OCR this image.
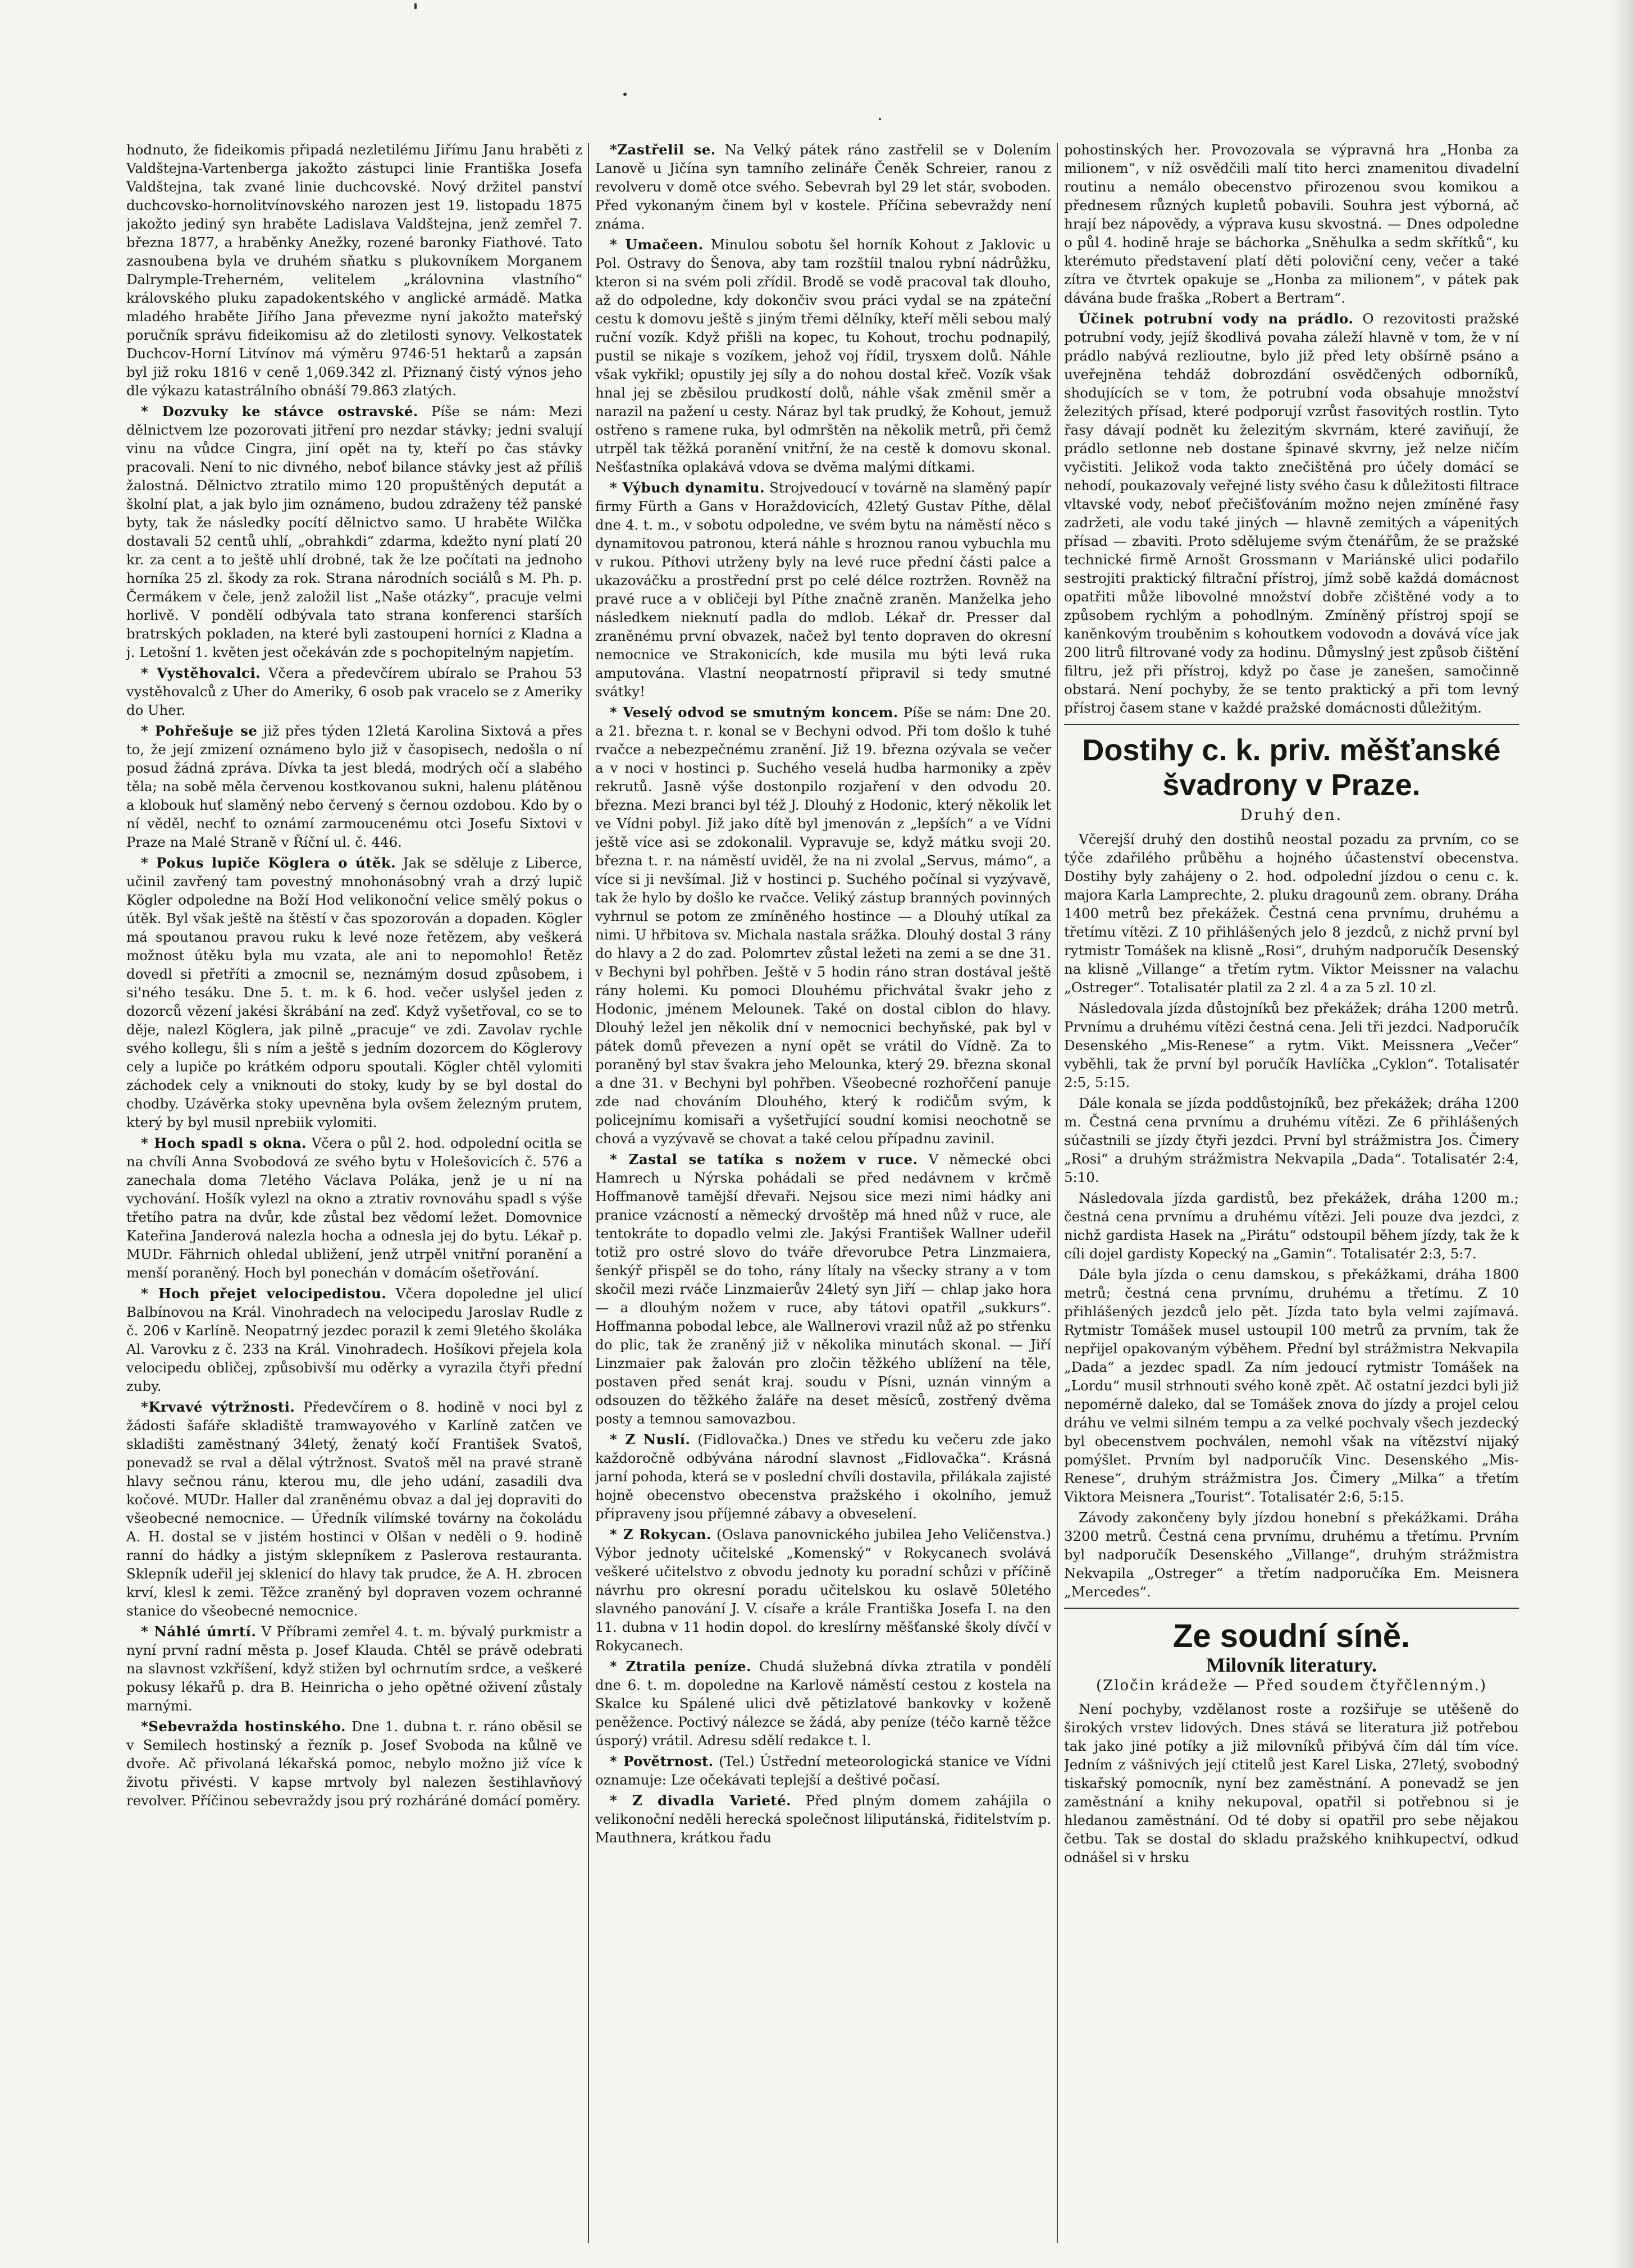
hodnuto, že fideikomis připadá nezletilému Jiřímu Janu hraběti z Valdštejna-Vartenberga jakožto zástupci linie Františka Josefa Valdštejna, tak zvané linie duchcovské. Nový držitel panství duchcovsko-hornolitvínovského narozen jest 19. listopadu 1875 jakožto jediný syn hraběte Ladislava Valdštejna, jenž zemřel 7. března 1877, a hraběnky Anežky, rozené baronky Fiathové. Tato zasnoubena byla ve druhém sňatku s plukovníkem Morganem Dalrymple-Treherném, velitelem „královnina vlastního“ královského pluku zapadokentského v anglické armádě. Matka mladého hraběte Jiřího Jana převezme nyní jakožto mateřský poručník správu fideikomisu až do zletilosti synovy. Velkostatek Duchcov-Horní Litvínov má výměru 9746·51 hektarů a zapsán byl již roku 1816 v ceně 1,069.342 zl. Přiznaný čistý výnos jeho dle výkazu katastrálního obnáší 79.863 zlatých.

* Dozvuky ke stávce ostravské. Píše se nám: Mezi dělnictvem lze pozorovati jitření pro nezdar stávky; jedni svalují vinu na vůdce Cingra, jiní opět na ty, kteří po čas stávky pracovali. Není to nic divného, neboť bilance stávky jest až příliš žalostná. Dělnictvo ztratilo mimo 120 propuštěných deputát a školní plat, a jak bylo jim oznámeno, budou zdraženy též panské byty, tak že následky pocítí dělnictvo samo. U hraběte Wilčka dostavali 52 centů uhlí, „obrahkdi“ zdarma, kdežto nyní platí 20 kr. za cent a to ještě uhlí drobné, tak že lze počítati na jednoho horníka 25 zl. škody za rok. Strana národních sociálů s M. Ph. p. Čermákem v čele, jenž založil list „Naše otázky“, pracuje velmi horlivě. V pondělí odbývala tato strana konferenci starších bratrských pokladen, na které byli zastoupeni horníci z Kladna a j. Letošní 1. květen jest očekáván zde s pochopitelným napjetím.

* Vystěhovalci. Včera a předevčírem ubíralo se Prahou 53 vystěhovalců z Uher do Ameriky, 6 osob pak vracelo se z Ameriky do Uher.

* Pohřešuje se již přes týden 12letá Karolina Sixtová a přes to, že její zmizení oznámeno bylo již v časopisech, nedošla o ní posud žádná zpráva. Dívka ta jest bledá, modrých očí a slabého těla; na sobě měla červenou kostkovanou sukni, halenu plátěnou a klobouk huť slaměný nebo červený s černou ozdobou. Kdo by o ní věděl, nechť to oznámí zarmoucenému otci Josefu Sixtovi v Praze na Malé Straně v Říční ul. č. 446.

* Pokus lupiče Köglera o útěk. Jak se sděluje z Liberce, učinil zavřený tam povestný mnohonásobný vrah a drzý lupič Kögler odpoledne na Boží Hod velikonoční velice smělý pokus o útěk. Byl však ještě na štěstí v čas spozorován a dopaden. Kögler má spoutanou pravou ruku k levé noze řetězem, aby veškerá možnost útěku byla mu vzata, ale ani to nepomohlo! Řetěz dovedl si přetříti a zmocnil se, neznámým dosud způsobem, i si'ného tesáku. Dne 5. t. m. k 6. hod. večer uslyšel jeden z dozorců vězení jakési škrábání na zeď. Když vyšetřoval, co se to děje, nalezl Köglera, jak pilně „pracuje“ ve zdi. Zavolav rychle svého kollegu, šli s ním a ještě s jedním dozorcem do Köglerovy cely a lupiče po krátkém odporu spoutali. Kögler chtěl vylomiti záchodek cely a vniknouti do stoky, kudy by se byl dostal do chodby. Uzávěrka stoky upevněna byla ovšem železným prutem, který by byl musil nprebiik vylomiti.

* Hoch spadl s okna. Včera o půl 2. hod. odpolední ocitla se na chvíli Anna Svobodová ze svého bytu v Holešovicích č. 576 a zanechala doma 7letého Václava Poláka, jenž je u ní na vychování. Hošík vylezl na okno a ztrativ rovnováhu spadl s výše třetího patra na dvůr, kde zůstal bez vědomí ležet. Domovnice Kateřina Janderová nalezla hocha a odnesla jej do bytu. Lékař p. MUDr. Fährnich ohledal ubližení, jenž utrpěl vnitřní poranění a menší poraněný. Hoch byl ponechán v domácím ošetřování.

* Hoch přejet velocipedistou. Včera dopoledne jel ulicí Balbínovou na Král. Vinohradech na velocipedu Jaroslav Rudle z č. 206 v Karlíně. Neopatrný jezdec porazil k zemi 9letého školáka Al. Varovku z č. 233 na Král. Vinohradech. Hošíkovi přejela kola velocipedu obličej, způsobivší mu oděrky a vyrazila čtyři přední zuby.

*Krvavé výtržnosti. Předevčírem o 8. hodině v noci byl z žádosti šafáře skladiště tramwayového v Karlíně zatčen ve skladišti zaměstnaný 34letý, ženatý kočí František Svatoš, ponevadž se rval a dělal výtržnost. Svatoš měl na pravé straně hlavy sečnou ránu, kterou mu, dle jeho udání, zasadili dva kočové. MUDr. Haller dal zraněnému obvaz a dal jej dopraviti do všeobecné nemocnice. — Úředník vilímské továrny na čokoládu A. H. dostal se v jistém hostinci v Olšan v neděli o 9. hodině ranní do hádky a jistým sklepníkem z Paslerova restauranta. Sklepník udeřil jej sklenicí do hlavy tak prudce, že A. H. zbrocen krví, klesl k zemi. Těžce zraněný byl dopraven vozem ochranné stanice do všeobecné nemocnice.

* Náhlé úmrtí. V Příbrami zemřel 4. t. m. bývalý purkmistr a nyní první radní města p. Josef Klauda. Chtěl se právě odebrati na slavnost vzkříšení, když stižen byl ochrnutím srdce, a veškeré pokusy lékařů p. dra B. Heinricha o jeho opětné oživení zůstaly marnými.

*Sebevražda hostinského. Dne 1. dubna t. r. ráno oběsil se v Semilech hostinský a řezník p. Josef Svoboda na kůlně ve dvoře. Ač přivolaná lékařská pomoc, nebylo možno již více k životu přivésti. V kapse mrtvoly byl nalezen šestihlavňový revolver. Příčinou sebevraždy jsou prý rozháráné domácí poměry.

*Zastřelil se. Na Velký pátek ráno zastřelil se v Dolením Lanově u Jičína syn tamního zelináře Čeněk Schreier, ranou z revolveru v domě otce svého. Sebevrah byl 29 let stár, svoboden. Před vykonaným činem byl v kostele. Příčina sebevraždy není známa.

* Umačeen. Minulou sobotu šel horník Kohout z Jaklovic u Pol. Ostravy do Šenova, aby tam rozštíil tnalou rybní nádrůžku, kteron si na svém poli zřídil. Brodě se vodě pracoval tak dlouho, až do odpoledne, kdy dokončiv svou práci vydal se na zpáteční cestu k domovu ještě s jiným třemi dělníky, kteří měli sebou malý ruční vozík. Když přišli na kopec, tu Kohout, trochu podnapilý, pustil se nikaje s vozíkem, jehož voj řídil, trysxem dolů. Náhle však vykřikl; opustily jej síly a do nohou dostal křeč. Vozík však hnal jej se zběsilou prudkostí dolů, náhle však změnil směr a narazil na pažení u cesty. Náraz byl tak prudký, že Kohout, jemuž ostřeno s ramene ruka, byl odmrštěn na několik metrů, při čemž utrpěl tak těžká poranění vnitřní, že na cestě k domovu skonal. Nešťastníka oplakává vdova se dvěma malými dítkami.

* Výbuch dynamitu. Strojvedoucí v továrně na slaměný papír firmy Fürth a Gans v Horaždovicích, 42letý Gustav Píthe, dělal dne 4. t. m., v sobotu odpoledne, ve svém bytu na náměstí něco s dynamitovou patronou, která náhle s hroznou ranou vybuchla mu v rukou. Píthovi utrženy byly na levé ruce přední části palce a ukazováčku a prostřední prst po celé délce roztržen. Rovněž na pravé ruce a v obličeji byl Píthe značně zraněn. Manželka jeho následkem nieknutí padla do mdlob. Lékař dr. Presser dal zraněnému první obvazek, načež byl tento dopraven do okresní nemocnice ve Strakonicích, kde musila mu býti levá ruka amputována. Vlastní neopatrností připravil si tedy smutné svátky!

* Veselý odvod se smutným koncem. Píše se nám: Dne 20. a 21. března t. r. konal se v Bechyni odvod. Při tom došlo k tuhé rvačce a nebezpečnému zranění. Již 19. března ozývala se večer a v noci v hostinci p. Suchého veselá hudba harmoniky a zpěv rekrutů. Jasně výše dostonpilo rozjaření v den odvodu 20. března. Mezi branci byl též J. Dlouhý z Hodonic, který několik let ve Vídni pobyl. Již jako dítě byl jmenován z „lepších“ a ve Vídni ještě více asi se zdokonalil. Vypravuje se, když mátku svoji 20. března t. r. na náměstí uviděl, že na ni zvolal „Servus, mámo“, a více si ji nevšímal. Již v hostinci p. Suchého počínal si vyzývavě, tak že hylo by došlo ke rvačce. Veliký zástup branných povinných vyhrnul se potom ze zmíněného hostince — a Dlouhý utíkal za nimi. U hřbitova sv. Michala nastala srážka. Dlouhý dostal 3 rány do hlavy a 2 do zad. Polomrtev zůstal ležeti na zemi a se dne 31. v Bechyni byl pohřben. Ještě v 5 hodin ráno stran dostával ještě rány holemi. Ku pomoci Dlouhému přichvátal švakr jeho z Hodonic, jménem Melounek. Také on dostal ciblon do hlavy. Dlouhý ležel jen několik dní v nemocnici bechyňské, pak byl v pátek domů převezen a nyní opět se vrátil do Vídně. Za to poraněný byl stav švakra jeho Melounka, který 29. března skonal a dne 31. v Bechyni byl pohřben. Všeobecné rozhořčení panuje zde nad chováním Dlouhého, který k rodičům svým, k policejnímu komisaři a vyšetřující soudní komisi neochotně se chová a vyzývavě se chovat a také celou případnu zavinil.

* Zastal se tatíka s nožem v ruce. V německé obci Hamrech u Nýrska pohádali se před nedávnem v krčmě Hoffmanově tamější dřevaři. Nejsou sice mezi nimi hádky ani pranice vzácností a německý drvoštěp má hned nůž v ruce, ale tentokráte to dopadlo velmi zle. Jakýsi František Wallner udeřil totiž pro ostré slovo do tváře dřevorubce Petra Linzmaiera, šenkýř přispěl se do toho, rány lítaly na všecky strany a v tom skočil mezi rváče Linzmaierův 24letý syn Jiří — chlap jako hora — a dlouhým nožem v ruce, aby tátovi opatřil „sukkurs“. Hoffmanna pobodal lebce, ale Wallnerovi vrazil nůž až po střenku do plic, tak že zraněný již v několika minutách skonal. — Jiří Linzmaier pak žalován pro zločin těžkého ublížení na těle, postaven před senát kraj. soudu v Písni, uznán vinným a odsouzen do těžkého žaláře na deset měsíců, zostřený dvěma posty a temnou samovazbou.

* Z Nuslí. (Fidlovačka.) Dnes ve středu ku večeru zde jako každoročně odbývána národní slavnost „Fidlovačka“. Krásná jarní pohoda, která se v poslední chvíli dostavila, přilákala zajisté hojně obecenstvo obecenstva pražského i okolního, jemuž připraveny jsou příjemné zábavy a obveselení.

* Z Rokycan. (Oslava panovnického jubilea Jeho Veličenstva.) Výbor jednoty učitelské „Komenský“ v Rokycanech svolává veškeré učitelstvo z obvodu jednoty ku poradní schůzi v příčině návrhu pro okresní poradu učitelskou ku oslavě 50letého slavného panování J. V. císaře a krále Františka Josefa I. na den 11. dubna v 11 hodin dopol. do kreslírny měšťanské školy dívčí v Rokycanech.

* Ztratila peníze. Chudá služebná dívka ztratila v pondělí dne 6. t. m. dopoledne na Karlově náměstí cestou z kostela na Skalce ku Spálené ulici dvě pětizlatové bankovky v koženě peněžence. Poctivý nálezce se žádá, aby peníze (téčo karně těžce úsporý) vrátil. Adresu sdělí redakce t. l.

* Povětrnost. (Tel.) Ústřední meteorologická stanice ve Vídni oznamuje: Lze očekávati teplejší a deštivé počasí.

* Z divadla Varieté. Před plným domem zahájila o velikonoční neděli herecká společnost liliputánská, řiditelstvím p. Mauthnera, krátkou řadu

pohostinských her. Provozovala se výpravná hra „Honba za milionem“, v níž osvědčili malí tito herci znamenitou divadelní routinu a nemálo obecenstvo přirozenou svou komikou a přednesem různých kupletů pobavili. Souhra jest výborná, ač hrají bez nápovědy, a výprava kusu skvostná. — Dnes odpoledne o půl 4. hodině hraje se báchorka „Sněhulka a sedm skřítků“, ku kterémuto představení platí děti poloviční ceny, večer a také zítra ve čtvrtek opakuje se „Honba za milionem“, v pátek pak dávána bude fraška „Robert a Bertram“.

Účinek potrubní vody na prádlo. O rezovitosti pražské potrubní vody, jejíž škodlivá povaha záleží hlavně v tom, že v ní prádlo nabývá rezlioutne, bylo již před lety obšírně psáno a uveřejněna tehdáž dobrozdání osvědčených odborníků, shodujících se v tom, že potrubní voda obsahuje množství železitých přísad, které podporují vzrůst řasovitých rostlin. Tyto řasy dávají podnět ku železitým skvrnám, které zaviňují, že prádlo setlonne neb dostane špinavé skvrny, jež nelze ničím vyčistiti. Jelikož voda takto znečištěná pro účely domácí se nehodí, poukazovaly veřejné listy svého času k důležitosti filtrace vltavské vody, neboť přečišťováním možno nejen zmíněné řasy zadržeti, ale vodu také jiných — hlavně zemitých a vápenitých přísad — zbaviti. Proto sdělujeme svým čtenářům, že se pražské technické firmě Arnošt Grossmann v Mariánské ulici podařilo sestrojiti praktický filtrační přístroj, jímž sobě každá domácnost opatřiti může libovolné množství dobře zčištěné vody a to způsobem rychlým a pohodlným. Zmíněný přístroj spojí se kaněnkovým trouběnim s kohoutkem vodovodn a dovává více jak 200 litrů filtrované vody za hodinu. Důmyslný jest způsob čištění filtru, jež při přístroj, když po čase je zanešen, samočinně obstará. Není pochyby, že se tento praktický a při tom levný přístroj časem stane v každé pražské domácnosti důležitým.

Dostihy c. k. priv. měšťanské švadrony v Praze.
Druhý den.

Včerejší druhý den dostihů neostal pozadu za prvním, co se týče zdařilého průběhu a hojného účastenství obecenstva. Dostihy byly zahájeny o 2. hod. odpolední jízdou o cenu c. k. majora Karla Lamprechte, 2. pluku dragounů zem. obrany. Dráha 1400 metrů bez překážek. Čestná cena prvnímu, druhému a třetímu vítězi. Z 10 přihlášených jelo 8 jezdců, z nichž první byl rytmistr Tomášek na klisně „Rosi“, druhým nadporučík Desenský na klisně „Villange“ a třetím rytm. Viktor Meissner na valachu „Ostreger“. Totalisatér platil za 2 zl. 4 a za 5 zl. 10 zl.

Následovala jízda důstojníků bez překážek; dráha 1200 metrů. Prvnímu a druhému vítězi čestná cena. Jeli tři jezdci. Nadporučík Desenského „Mis-Renese“ a rytm. Vikt. Meissnera „Večer“ vyběhli, tak že první byl poručík Havlíčka „Cyklon“. Totalisatér 2:5, 5:15.

Dále konala se jízda poddůstojníků, bez překážek; dráha 1200 m. Čestná cena prvnímu a druhému vítězi. Ze 6 přihlášených súčastnili se jízdy čtyři jezdci. První byl strážmistra Jos. Čimery „Rosi“ a druhým strážmistra Nekvapila „Dada“. Totalisatér 2:4, 5:10.

Následovala jízda gardistů, bez překážek, dráha 1200 m.; čestná cena prvnímu a druhému vítězi. Jeli pouze dva jezdci, z nichž gardista Hasek na „Pirátu“ odstoupil během jízdy, tak že k cíli dojel gardisty Kopecký na „Gamin“. Totalisatér 2:3, 5:7.

Dále byla jízda o cenu damskou, s překážkami, dráha 1800 metrů; čestná cena prvnímu, druhému a třetímu. Z 10 přihlášených jezdců jelo pět. Jízda tato byla velmi zajímavá. Rytmistr Tomášek musel ustoupil 100 metrů za prvním, tak že nepřijel opakovaným výběhem. Přední byl strážmistra Nekvapila „Dada“ a jezdec spadl. Za ním jedoucí rytmistr Tomášek na „Lordu“ musil strhnouti svého koně zpět. Ač ostatní jezdci byli již nepomérně daleko, dal se Tomášek znova do jízdy a projel celou dráhu ve velmi silném tempu a za velké pochvaly všech jezdecký byl obecenstvem pochválen, nemohl však na vítězství nijaký pomýšlet. Prvním byl nadporučík Vinc. Desenského „Mis-Renese“, druhým strážmistra Jos. Čimery „Milka“ a třetím Viktora Meisnera „Tourist“. Totalisatér 2:6, 5:15.

Závody zakončeny byly jízdou honební s překážkami. Dráha 3200 metrů. Čestná cena prvnímu, druhému a třetímu. Prvním byl nadporučík Desenského „Villange“, druhým strážmistra Nekvapila „Ostreger“ a třetím nadporučíka Em. Meisnera „Mercedes“.

Ze soudní síně.
Milovník literatury.
(Zločin krádeže — Před soudem čtyřčlenným.)

Není pochyby, vzdělanost roste a rozšiřuje se utěšeně do širokých vrstev lidových. Dnes stává se literatura již potřebou tak jako jiné potíky a již milovníků přibývá čím dál tím více. Jedním z vášnivých její ctitelů jest Karel Liska, 27letý, svobodný tiskařský pomocník, nyní bez zaměstnání. A ponevadž se jen zaměstnání a knihy nekupoval, opatřil si potřebnou si je hledanou zaměstnání. Od té doby si opatřil pro sebe nějakou četbu. Tak se dostal do skladu pražského knihkupectví, odkud odnášel si v hrsku
